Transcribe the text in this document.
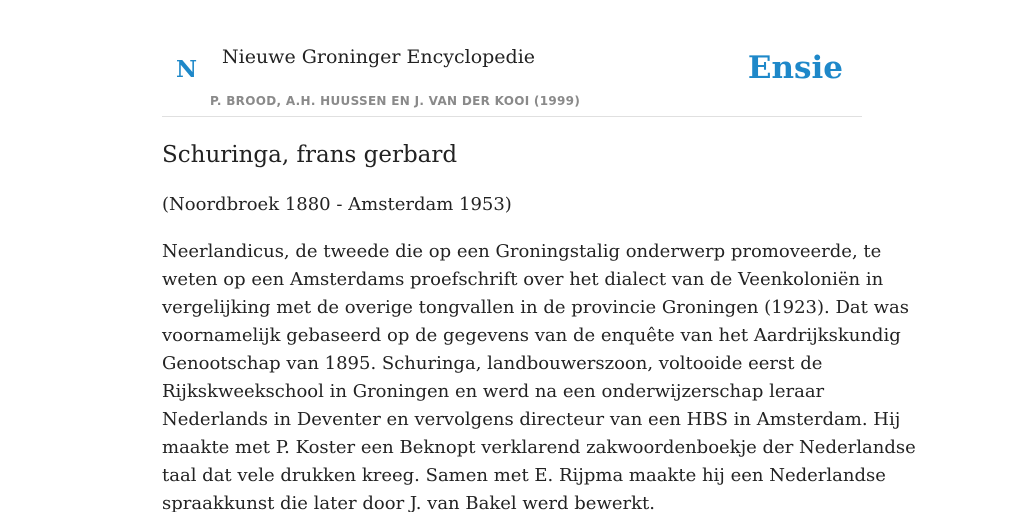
N Nieuwe Groninger Encyclopedie
P. BROOD, A.H. HUUSSEN EN J. VAN DER KOOI (1999)
Ensie
Schuringa, frans gerbard

(Noordbroek 1880 - Amsterdam 1953)

Neerlandicus, de tweede die op een Groningstalig onderwerp promoveerde, te
weten op een Amsterdams proefschrift over het dialect van de Veenkoloniën in
vergelijking met de overige tongvallen in de provincie Groningen (1923). Dat was
voornamelijk gebaseerd op de gegevens van de enquête van het Aardrijkskundig
Genootschap van 1895. Schuringa, landbouwerszoon, voltooide eerst de
Rijkskweekschool in Groningen en werd na een onderwijzerschap leraar
Nederlands in Deventer en vervolgens directeur van een HBS in Amsterdam. Hij
maakte met P. Koster een Beknopt verklarend zakwoordenboekje der Nederlandse
taal dat vele drukken kreeg. Samen met E. Rijpma maakte hij een Nederlandse
spraakkunst die later door J. van Bakel werd bewerkt.
